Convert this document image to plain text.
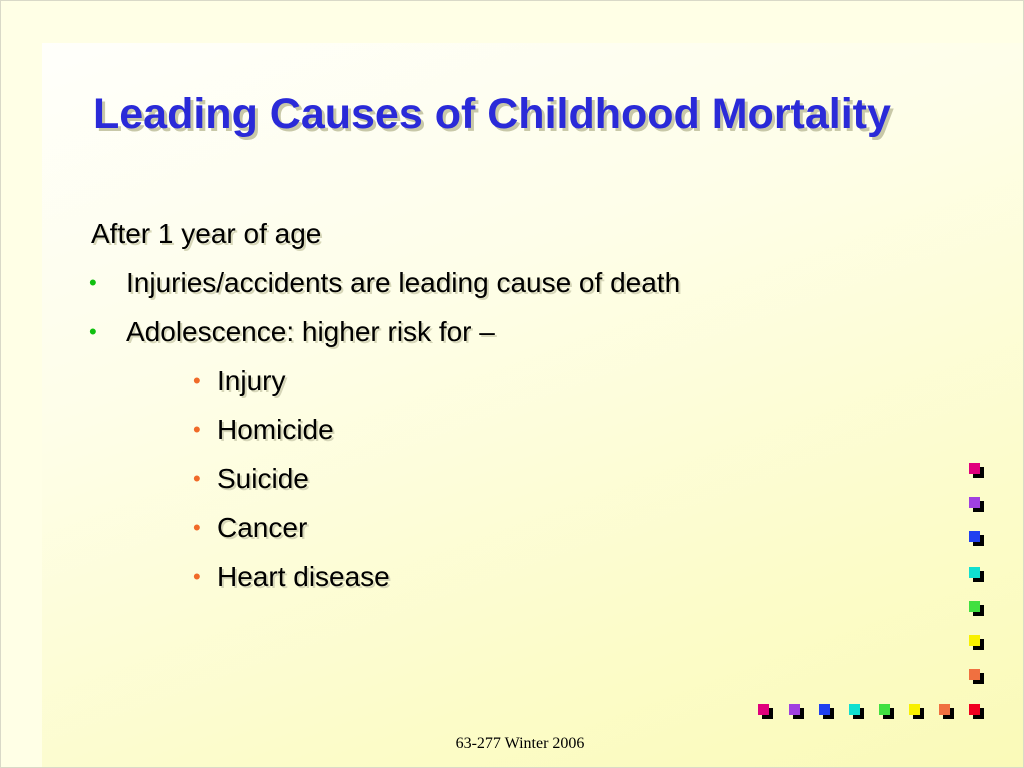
Leading Causes of Childhood Mortality
After 1 year of age
• Injuries/accidents are leading cause of death
• Adolescence: higher risk for –
• Injury
• Homicide
• Suicide
• Cancer
• Heart disease
63-277 Winter 2006
